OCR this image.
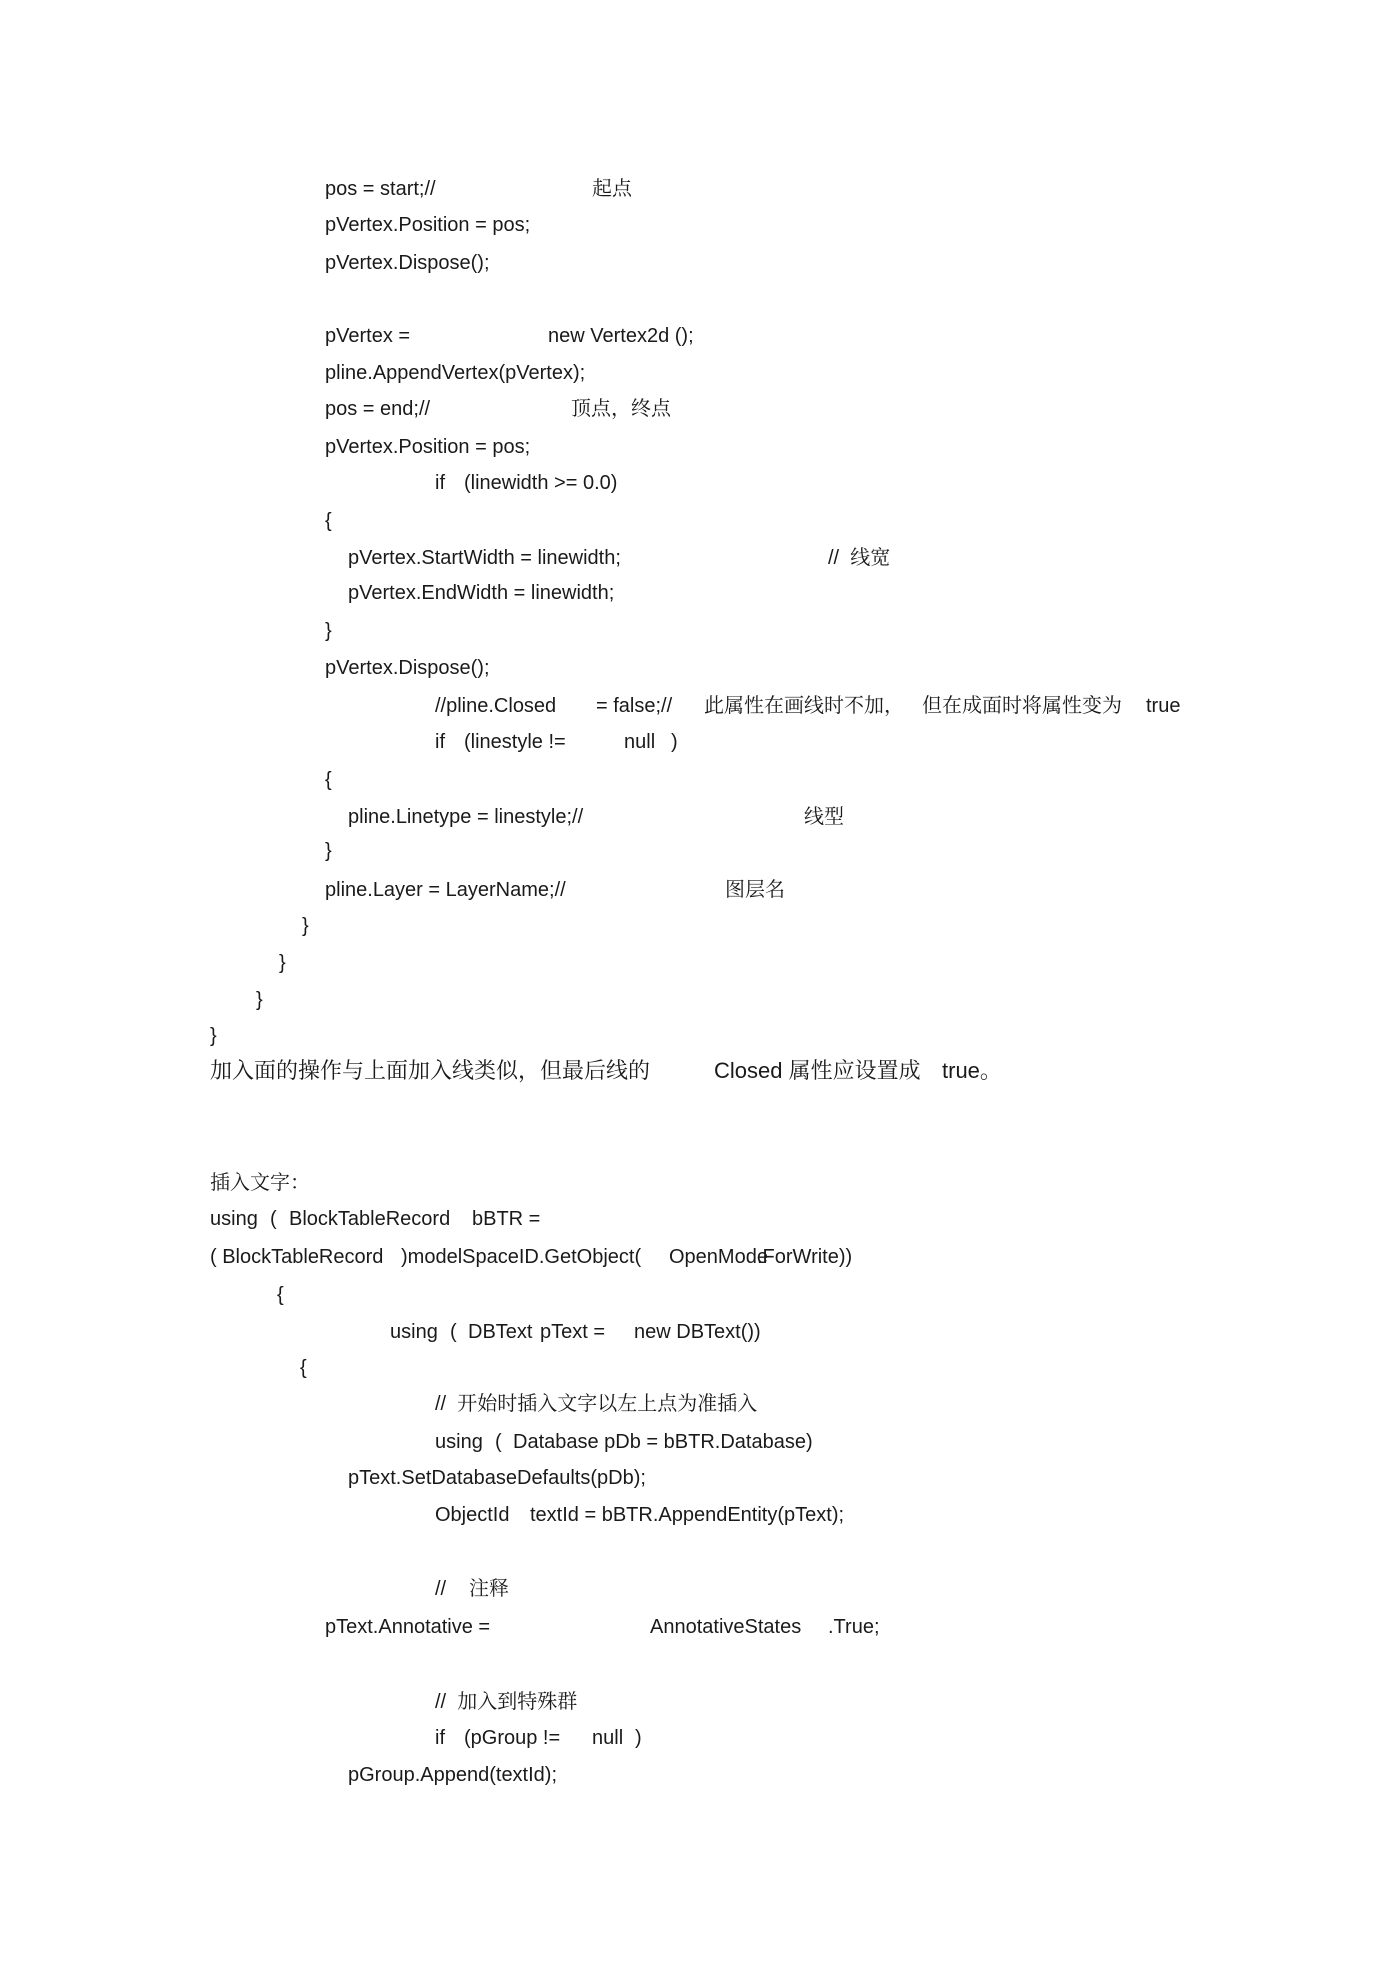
pos = start;//	起点
pVertex.Position = pos;
pVertex.Dispose();
pVertex =	new Vertex2d ();
pline.AppendVertex(pVertex);
pos = end;//	顶点，终点
pVertex.Position = pos;
if (linewidth >= 0.0)
{
pVertex.StartWidth = linewidth;	//  线宽
pVertex.EndWidth = linewidth;
}
pVertex.Dispose();
//pline.Closed = false;// 此属性在画线时不加， 但在成面时将属性变为 true
if (linestyle !=	null )
{
pline.Linetype = linestyle;//	线型
}
pline.Layer = LayerName;//	图层名
}
}
}
}
加入面的操作与上面加入线类似，但最后线的	Closed 属性应设置成 true。
插入文字：
using ( BlockTableRecord bBTR =
( BlockTableRecord )modelSpaceID.GetObject( OpenMode
.ForWrite))
{
using ( DBText pText = new DBText())
{
//  开始时插入文字以左上点为准插入
using ( Database pDb = bBTR.Database)
pText.SetDatabaseDefaults(pDb);
ObjectId textId = bBTR.AppendEntity(pText);
// 注释
pText.Annotative =	AnnotativeStates .True;
//  加入到特殊群
if (pGroup != null )
pGroup.Append(textId);
